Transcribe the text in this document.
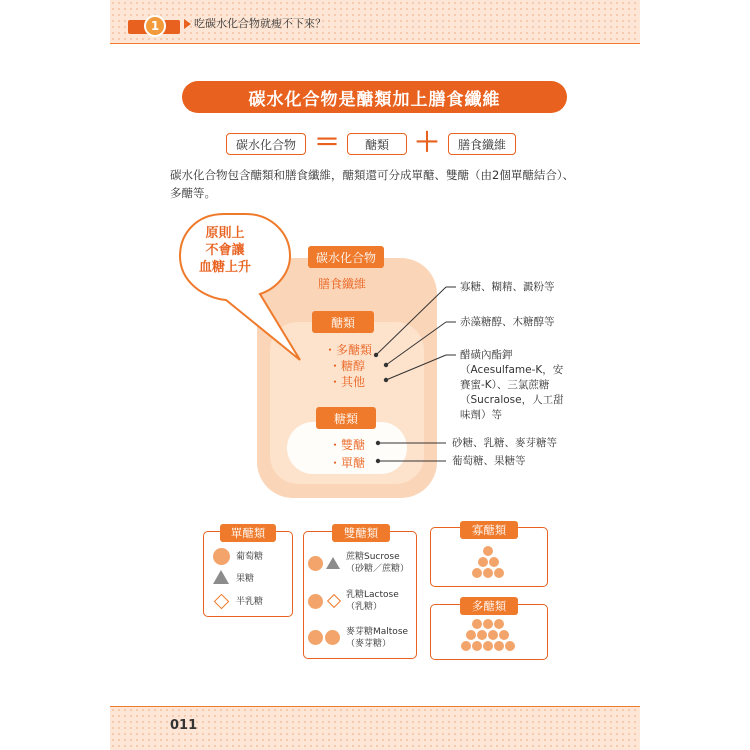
1	吃碳水化合物就瘦不下來？
碳水化合物是醣類加上膳食纖維
碳水化合物 ＝	醣類 ＋	膳食纖維
碳水化合物包含醣類和膳食纖維，醣類還可分成單醣、雙醣（由2個單醣結合）、多醣等。
原則上
不會讓
血糖上升
碳水化合物
膳食纖維
醣類
・多醣類
・糖醇
・其他
糖類
・雙醣
・單醣
寡糖、糊精、澱粉等
赤藻糖醇、木糖醇等
醋磺內酯鉀
（Acesulfame-K，安
賽蜜-K）、三氯蔗糖
（Sucralose，人工甜
味劑）等
砂糖、乳糖、麥芽糖等
葡萄糖、果糖等
單醣類
葡萄糖
果糖
半乳糖
雙醣類
蔗糖Sucrose
（砂糖／蔗糖）
乳糖Lactose
（乳糖）
麥芽糖Maltose
（麥芽糖）
寡醣類
多醣類
011
